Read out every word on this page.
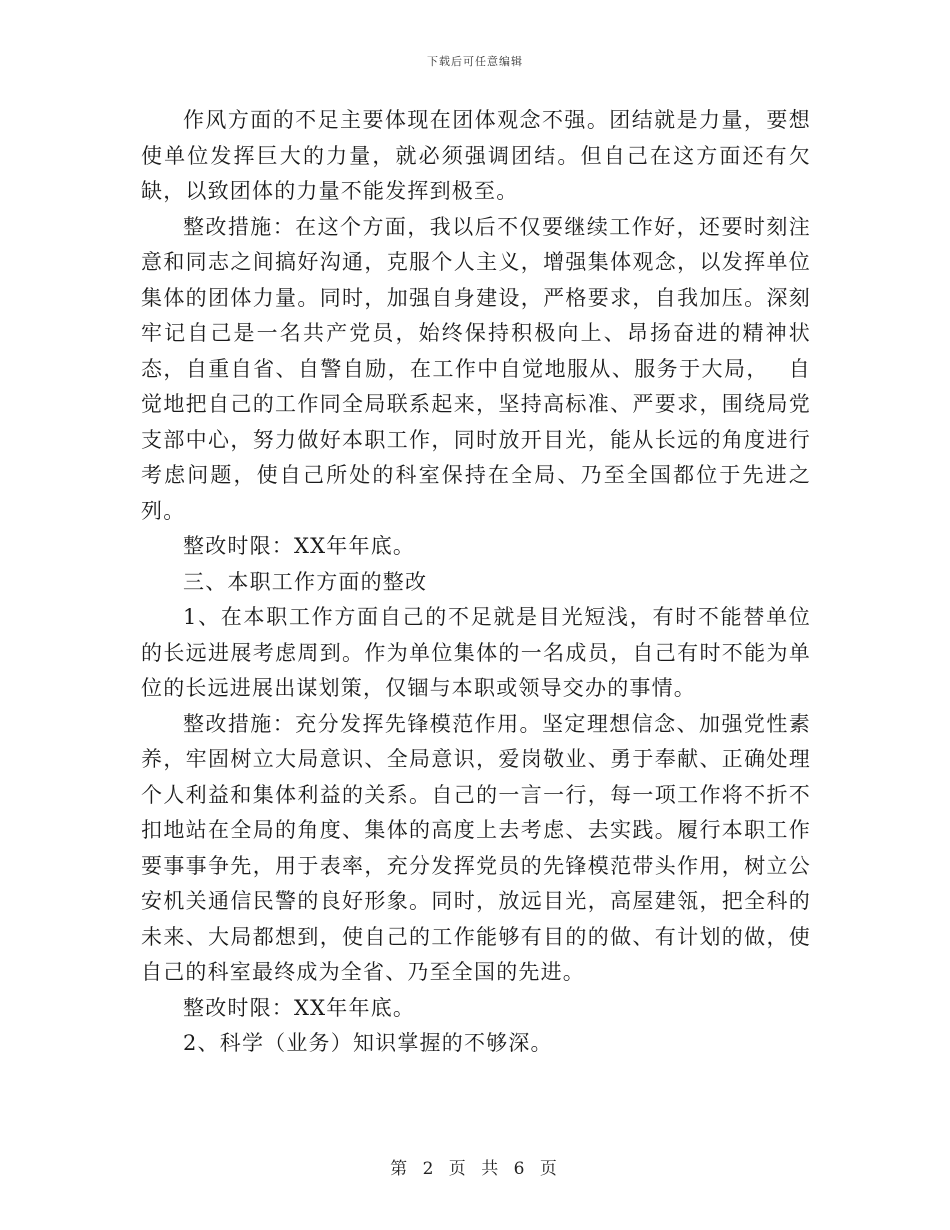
下载后可任意编辑

作风方面的不足主要体现在团体观念不强。团结就是力量，要想使单位发挥巨大的力量，就必须强调团结。但自己在这方面还有欠缺，以致团体的力量不能发挥到极至。

整改措施：在这个方面，我以后不仅要继续工作好，还要时刻注意和同志之间搞好沟通，克服个人主义，增强集体观念，以发挥单位集体的团体力量。同时，加强自身建设，严格要求，自我加压。深刻牢记自己是一名共产党员，始终保持积极向上、昂扬奋进的精神状态，自重自省、自警自励，在工作中自觉地服从、服务于大局，　 自觉地把自己的工作同全局联系起来，坚持高标准、严要求，围绕局党支部中心，努力做好本职工作，同时放开目光，能从长远的角度进行考虑问题，使自己所处的科室保持在全局、乃至全国都位于先进之列。

整改时限：XX年年底。

三、本职工作方面的整改

1、在本职工作方面自己的不足就是目光短浅，有时不能替单位的长远进展考虑周到。作为单位集体的一名成员，自己有时不能为单位的长远进展出谋划策，仅锢与本职或领导交办的事情。

整改措施：充分发挥先锋模范作用。坚定理想信念、加强党性素养，牢固树立大局意识、全局意识，爱岗敬业、勇于奉献、正确处理个人利益和集体利益的关系。自己的一言一行，每一项工作将不折不扣地站在全局的角度、集体的高度上去考虑、去实践。履行本职工作要事事争先，用于表率，充分发挥党员的先锋模范带头作用，树立公安机关通信民警的良好形象。同时，放远目光，高屋建瓴，把全科的未来、大局都想到，使自己的工作能够有目的的做、有计划的做，使自己的科室最终成为全省、乃至全国的先进。

整改时限：XX年年底。

2、科学（业务）知识掌握的不够深。

第 2 页 共 6 页
